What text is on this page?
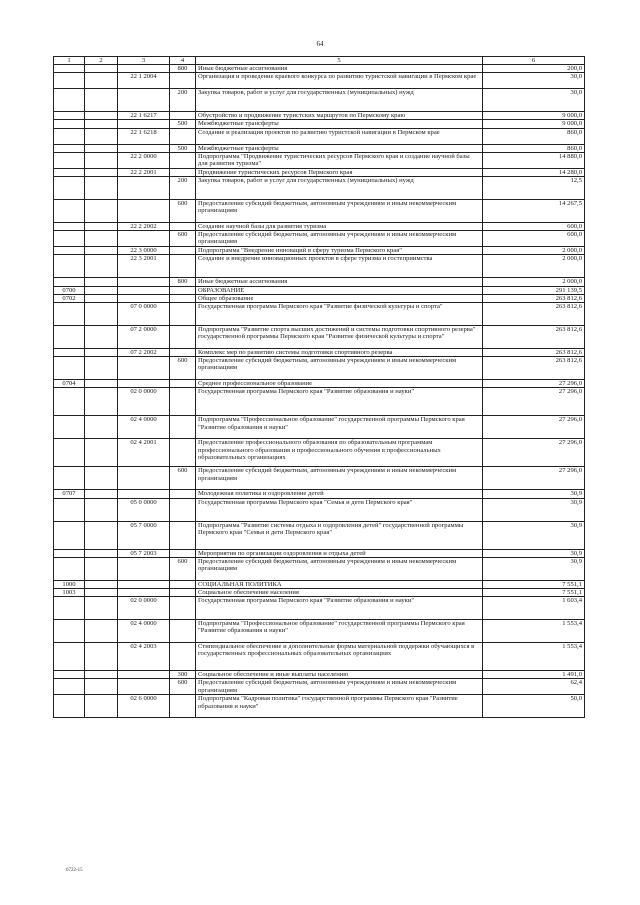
64
1	2	3	4	5	6
			800	Иные бюджетные ассигнования	200,0
		22 1 2004		Организация и проведение краевого конкурса по развитию туристской навигации в Пермском крае	30,0
			200	Закупка товаров, работ и услуг для государственных (муниципальных) нужд	30,0
		22 1 6217		Обустройство и продвижение туристских маршрутов по Пермскому краю	9 000,0
			500	Межбюджетные трансферты	9 000,0
		22 1 6218		Создание и реализация проектов по развитию туристской навигации в Пермском крае	860,0
			500	Межбюджетные трансферты	860,0
		22 2 0000		Подпрограмма "Продвижение туристических ресурсов Пермского края и создание научной базы для развития туризма"	14 880,0
		22 2 2001		Продвижение туристических ресурсов Пермского края	14 280,0
			200	Закупка товаров, работ и услуг для государственных (муниципальных) нужд	12,5
			600	Предоставление субсидий бюджетным, автономным учреждениям и иным некоммерческим организациям	14 267,5
		22 2 2002		Создание научной базы для развития туризма	600,0
			600	Предоставление субсидий бюджетным, автономным учреждениям и иным некоммерческим организациям	600,0
		22 3 0000		Подпрограмма "Внедрение инноваций в сферу туризма Пермского края"	2 000,0
		22 3 2001		Создание и внедрение инновационных проектов в сфере туризма и гостеприимства	2 000,0
			800	Иные бюджетные ассигнования	2 000,0
0700				ОБРАЗОВАНИЕ	291 139,5
0702				Общее образование	263 812,6
		07 0 0000		Государственная программа Пермского края "Развитие физической культуры и спорта"	263 812,6
		07 2 0000		Подпрограмма "Развитие спорта высших достижений и системы подготовки спортивного резерва" государственной программы Пермского края "Развитие физической культуры и спорта"	263 812,6
		07 2 2002		Комплекс мер по развитию системы подготовки спортивного резерва	263 812,6
			600	Предоставление субсидий бюджетным, автономным учреждениям и иным некоммерческим организациям	263 812,6
0704				Среднее профессиональное образование	27 296,0
		02 0 0000		Государственная программа Пермского края "Развитие образования и науки"	27 296,0
		02 4 0000		Подпрограмма "Профессиональное образование" государственной программы Пермского края "Развитие образования и науки"	27 296,0
		02 4 2001		Предоставление профессионального образования по образовательным программам профессионального образования и профессионального обучения в профессиональных образовательных организациях	27 296,0
			600	Предоставление субсидий бюджетным, автономным учреждениям и иным некоммерческим организациям	27 296,0
0707				Молодежная политика и оздоровление детей	30,9
		05 0 0000		Государственная программа Пермского края "Семья и дети Пермского края"	30,9
		05 7 0000		Подпрограмма "Развитие системы отдыха и оздоровления детей" государственной программы Пермского края "Семья и дети Пермского края"	30,9
		05 7 2003		Мероприятия по организации оздоровления и отдыха детей	30,9
			600	Предоставление субсидий бюджетным, автономным учреждениям и иным некоммерческим организациям	30,9
1000				СОЦИАЛЬНАЯ ПОЛИТИКА	7 551,1
1003				Социальное обеспечение населения	7 551,1
		02 0 0000		Государственная программа Пермского края "Развитие образования и науки"	1 603,4
		02 4 0000		Подпрограмма "Профессиональное образование" государственной программы Пермского края "Развитие образования и науки"	1 553,4
		02 4 2003		Стипендиальное обеспечение и дополнительные формы материальной поддержки обучающихся в государственных профессиональных образовательных организациях	1 553,4
			300	Социальное обеспечение и иные выплаты населению	1 491,0
			600	Предоставление субсидий бюджетным, автономным учреждениям и иным некоммерческим организациям	62,4
		02 6 0000		Подпрограмма "Кадровая политика" государственной программы Пермского края "Развитие образования и науки"	50,0
6722-15
